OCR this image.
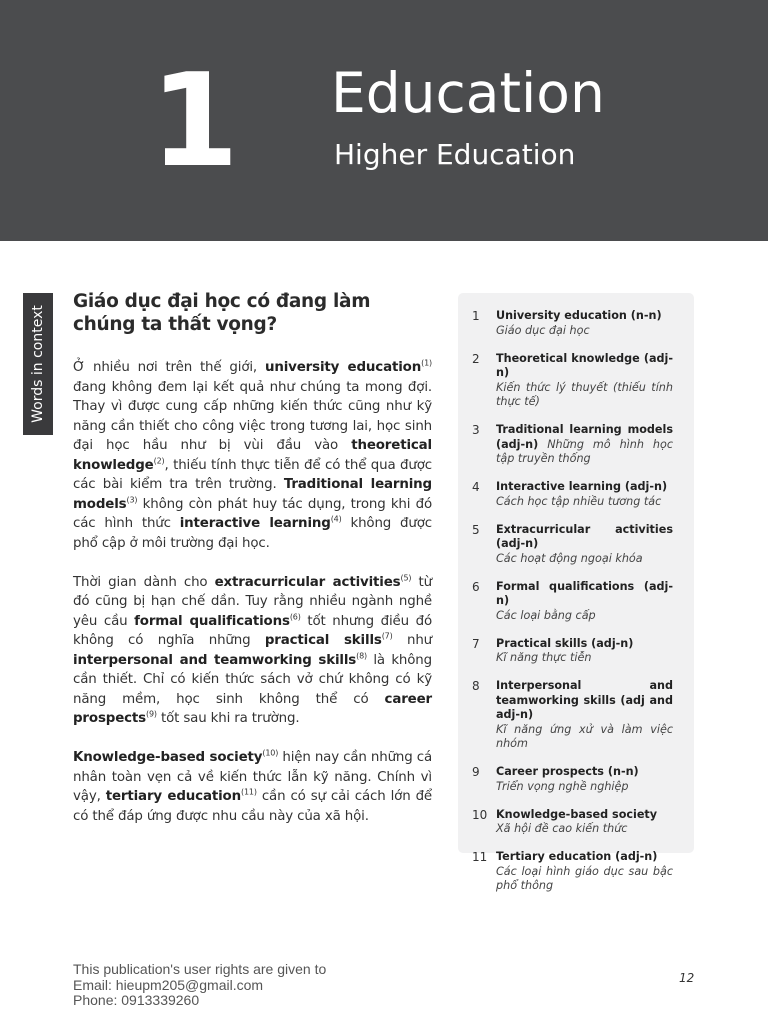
1 Education
Higher Education
Words in context
Giáo dục đại học có đang làm chúng ta thất vọng?

Ở nhiều nơi trên thế giới, university education$^{(1)}$ đang không đem lại kết quả như chúng ta mong đợi. Thay vì được cung cấp những kiến thức cũng như kỹ năng cần thiết cho công việc trong tương lai, học sinh đại học hầu như bị vùi đầu vào theoretical knowledge$^{(2)}$, thiếu tính thực tiễn để có thể qua được các bài kiểm tra trên trường. Traditional learning models$^{(3)}$ không còn phát huy tác dụng, trong khi đó các hình thức interactive learning$^{(4)}$ không được phổ cập ở môi trường đại học.

Thời gian dành cho extracurricular activities$^{(5)}$ từ đó cũng bị hạn chế dần. Tuy rằng nhiều ngành nghề yêu cầu formal qualifications$^{(6)}$ tốt nhưng điều đó không có nghĩa những practical skills$^{(7)}$ như interpersonal and teamworking skills$^{(8)}$ là không cần thiết. Chỉ có kiến thức sách vở chứ không có kỹ năng mềm, học sinh không thể có career prospects$^{(9)}$ tốt sau khi ra trường.

Knowledge-based society$^{(10)}$ hiện nay cần những cá nhân toàn vẹn cả về kiến thức lẫn kỹ năng. Chính vì vậy, tertiary education$^{(11)}$ cần có sự cải cách lớn để có thể đáp ứng được nhu cầu này của xã hội.

1	University education (n-n)
Giáo dục đại học
2	Theoretical knowledge (adj-n)
Kiến thức lý thuyết (thiếu tính thực tế)
3	Traditional learning models (adj-n) Những mô hình học tập truyền thống
4	Interactive learning (adj-n)
Cách học tập nhiều tương tác
5	Extracurricular activities (adj-n)
Các hoạt động ngoại khóa
6	Formal qualifications (adj-n)
Các loại bằng cấp
7	Practical skills (adj-n)
Kĩ năng thực tiễn
8	Interpersonal and teamworking skills (adj and adj-n)
Kĩ năng ứng xử và làm việc nhóm
9	Career prospects (n-n)
Triển vọng nghề nghiệp
10 Knowledge-based society
Xã hội đề cao kiến thức
11 Tertiary education (adj-n)
Các loại hình giáo dục sau bậc phổ thông
This publication's user rights are given to
Email: hieupm205@gmail.com
Phone: 0913339260
12
